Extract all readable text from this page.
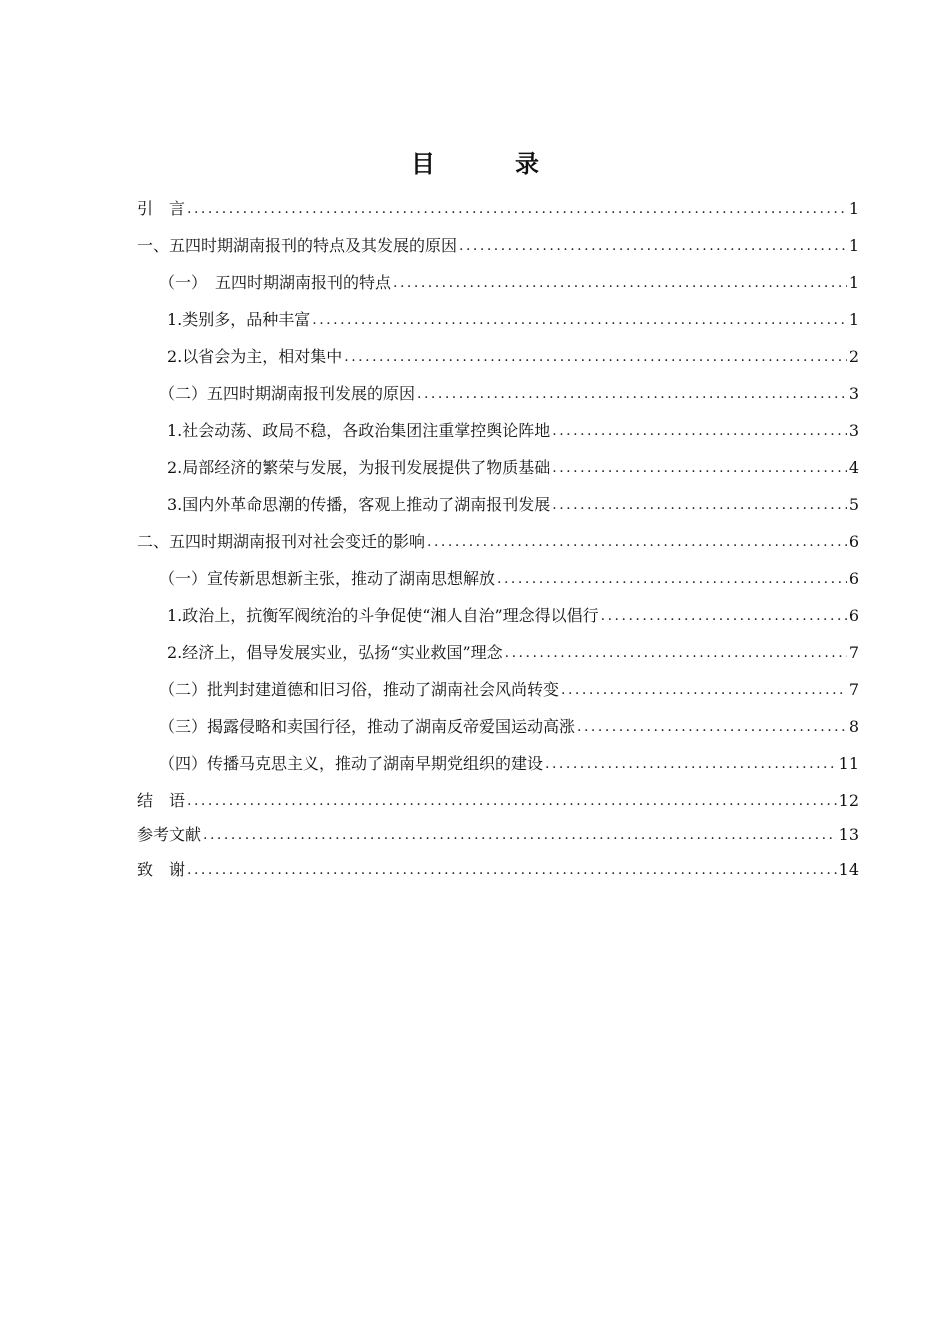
目　录
引　言 .....	1
一、五四时期湖南报刊的特点及其发展的原因 .....	1
（一）　五四时期湖南报刊的特点 .....	1
1.类别多，品种丰富 .....	1
2.以省会为主，相对集中 .....	2
（二）五四时期湖南报刊发展的原因 .....	3
1.社会动荡、政局不稳，各政治集团注重掌控舆论阵地 .....	3
2.局部经济的繁荣与发展，为报刊发展提供了物质基础 .....	4
3.国内外革命思潮的传播，客观上推动了湖南报刊发展 .....	5
二、五四时期湖南报刊对社会变迁的影响 .....	6
（一）宣传新思想新主张，推动了湖南思想解放 .....	6
1.政治上，抗衡军阀统治的斗争促使“湘人自治”理念得以倡行 .....	6
2.经济上，倡导发展实业，弘扬“实业救国”理念 .....	7
（二）批判封建道德和旧习俗，推动了湖南社会风尚转变 .....	7
（三）揭露侵略和卖国行径，推动了湖南反帝爱国运动高涨 .....	8
（四）传播马克思主义，推动了湖南早期党组织的建设 .....	11
结　语 .....	12
参考文献 .....	13
致　谢 .....	14
